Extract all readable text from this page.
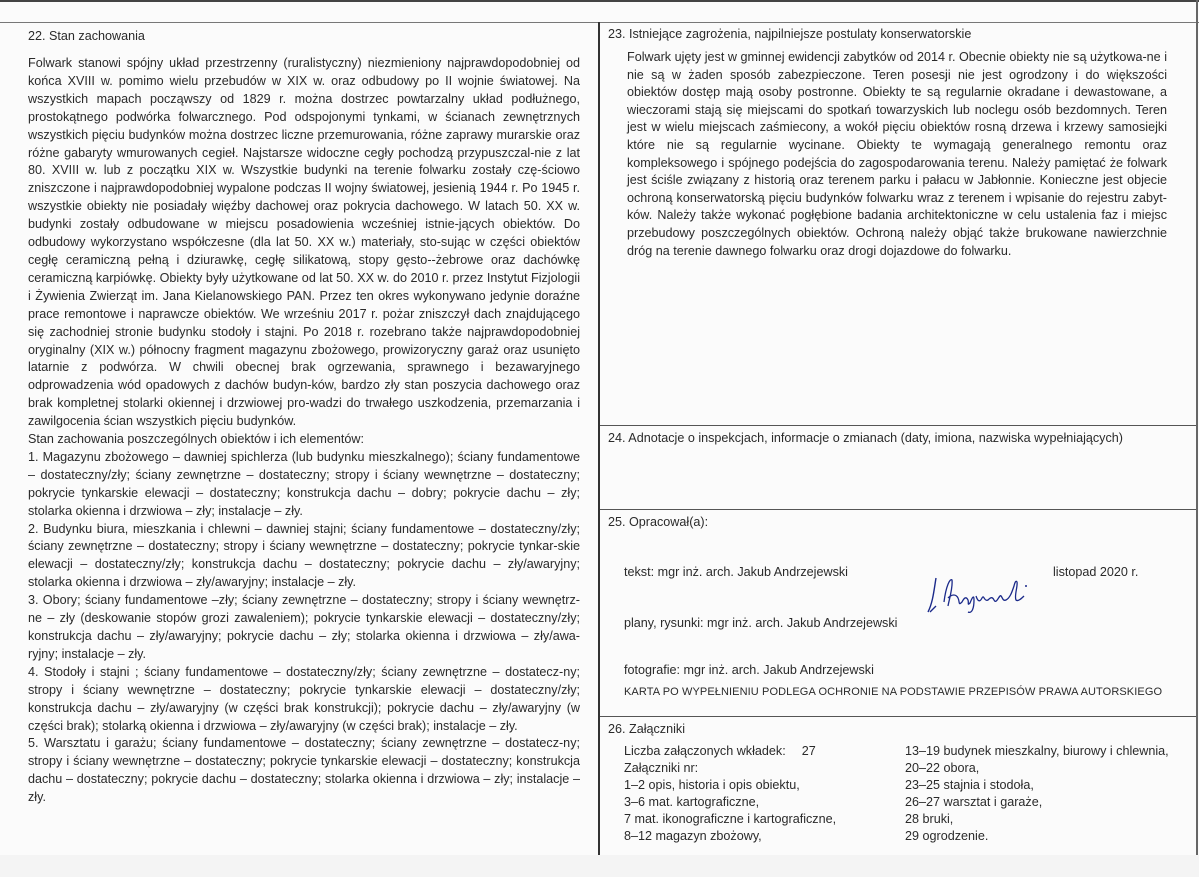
22. Stan zachowania
Folwark stanowi spójny układ przestrzenny (ruralistyczny) niezmieniony najprawdopodobniej od końca XVIII w. pomimo wielu przebudów w XIX w. oraz odbudowy po II wojnie światowej. Na wszystkich mapach począwszy od 1829 r. można dostrzec powtarzalny układ podłużnego, prostokątnego podwórka folwarcznego. Pod odspojonymi tynkami, w ścianach zewnętrznych wszystkich pięciu budynków można dostrzec liczne przemurowania, różne zaprawy murarskie oraz różne gabaryty wmurowanych cegieł. Najstarsze widoczne cegły pochodzą przypuszczal-nie z lat 80. XVIII w. lub z początku XIX w. Wszystkie budynki na terenie folwarku zostały czę-ściowo zniszczone i najprawdopodobniej wypalone podczas II wojny światowej, jesienią 1944 r. Po 1945 r. wszystkie obiekty nie posiadały więźby dachowej oraz pokrycia dachowego. W latach 50. XX w. budynki zostały odbudowane w miejscu posadowienia wcześniej istnie-jących obiektów. Do odbudowy wykorzystano współczesne (dla lat 50. XX w.) materiały, sto-sując w części obiektów cegłę ceramiczną pełną i dziurawkę, cegłę silikatową, stopy gęsto--żebrowe oraz dachówkę ceramiczną karpiówkę. Obiekty były użytkowane od lat 50. XX w. do 2010 r. przez Instytut Fizjologii i Żywienia Zwierząt im. Jana Kielanowskiego PAN. Przez ten okres wykonywano jedynie doraźne prace remontowe i naprawcze obiektów. We wrześniu 2017 r. pożar zniszczył dach znajdującego się zachodniej stronie budynku stodoły i stajni. Po 2018 r. rozebrano także najprawdopodobniej oryginalny (XIX w.) północny fragment magazynu zbożowego, prowizoryczny garaż oraz usunięto latarnie z podwórza. W chwili obecnej brak ogrzewania, sprawnego i bezawaryjnego odprowadzenia wód opadowych z dachów budyn-ków, bardzo zły stan poszycia dachowego oraz brak kompletnej stolarki okiennej i drzwiowej pro-wadzi do trwałego uszkodzenia, przemarzania i zawilgocenia ścian wszystkich pięciu budynków.
Stan zachowania poszczególnych obiektów i ich elementów:
1. Magazynu zbożowego – dawniej spichlerza (lub budynku mieszkalnego); ściany fundamentowe – dostateczny/zły; ściany zewnętrzne – dostateczny; stropy i ściany wewnętrzne – dostateczny; pokrycie tynkarskie elewacji – dostateczny; konstrukcja dachu – dobry; pokrycie dachu – zły; stolarka okienna i drzwiowa – zły; instalacje – zły.
2. Budynku biura, mieszkania i chlewni – dawniej stajni; ściany fundamentowe – dostateczny/zły; ściany zewnętrzne – dostateczny; stropy i ściany wewnętrzne – dostateczny; pokrycie tynkar-skie elewacji – dostateczny/zły; konstrukcja dachu – dostateczny; pokrycie dachu – zły/awaryjny; stolarka okienna i drzwiowa – zły/awaryjny; instalacje – zły.
3. Obory; ściany fundamentowe –zły; ściany zewnętrzne – dostateczny; stropy i ściany wewnętrz-ne – zły (deskowanie stopów grozi zawaleniem); pokrycie tynkarskie elewacji – dostateczny/zły; konstrukcja dachu – zły/awaryjny; pokrycie dachu – zły; stolarka okienna i drzwiowa – zły/awa-ryjny; instalacje – zły.
4. Stodoły i stajni ; ściany fundamentowe – dostateczny/zły; ściany zewnętrzne – dostatecz-ny; stropy i ściany wewnętrzne – dostateczny; pokrycie tynkarskie elewacji – dostateczny/zły; konstrukcja dachu – zły/awaryjny (w części brak konstrukcji); pokrycie dachu – zły/awaryjny (w części brak); stolarką okienna i drzwiowa – zły/awaryjny (w części brak); instalacje – zły.
5. Warsztatu i garażu; ściany fundamentowe – dostateczny; ściany zewnętrzne – dostatecz-ny; stropy i ściany wewnętrzne – dostateczny; pokrycie tynkarskie elewacji – dostateczny; konstrukcja dachu – dostateczny; pokrycie dachu – dostateczny; stolarka okienna i drzwiowa – zły; instalacje – zły.
23. Istniejące zagrożenia, najpilniejsze postulaty konserwatorskie
Folwark ujęty jest w gminnej ewidencji zabytków od 2014 r. Obecnie obiekty nie są użytkowa-ne i nie są w żaden sposób zabezpieczone. Teren posesji nie jest ogrodzony i do większości obiektów dostęp mają osoby postronne. Obiekty te są regularnie okradane i dewastowane, a wieczorami stają się miejscami do spotkań towarzyskich lub noclegu osób bezdomnych. Teren jest w wielu miejscach zaśmiecony, a wokół pięciu obiektów rosną drzewa i krzewy samosiejki które nie są regularnie wycinane. Obiekty te wymagają generalnego remontu oraz kompleksowego i spójnego podejścia do zagospodarowania terenu. Należy pamiętać że folwark jest ściśle związany z historią oraz terenem parku i pałacu w Jabłonnie. Konieczne jest objecie ochroną konserwatorską pięciu budynków folwarku wraz z terenem i wpisanie do rejestru zabyt-ków. Należy także wykonać pogłębione badania architektoniczne w celu ustalenia faz i miejsc przebudowy poszczególnych obiektów. Ochroną należy objąć także brukowane nawierzchnie dróg na terenie dawnego folwarku oraz drogi dojazdowe do folwarku.
24. Adnotacje o inspekcjach, informacje o zmianach (daty, imiona, nazwiska wypełniających)
25. Opracował(a):
tekst: mgr inż. arch. Jakub Andrzejewski	listopad 2020 r.
plany, rysunki: mgr inż. arch. Jakub Andrzejewski
fotografie: mgr inż. arch. Jakub Andrzejewski
KARTA PO WYPEŁNIENIU PODLEGA OCHRONIE NA PODSTAWIE PRZEPISÓW PRAWA AUTORSKIEGO
26. Załączniki
Liczba załączonych wkładek: 27
Załączniki nr:
1–2 opis, historia i opis obiektu,
3–6 mat. kartograficzne,
7 mat. ikonograficzne i kartograficzne,
8–12 magazyn zbożowy,
13–19 budynek mieszkalny, biurowy i chlewnia,
20–22 obora,
23–25 stajnia i stodoła,
26–27 warsztat i garaże,
28 bruki,
29 ogrodzenie.
